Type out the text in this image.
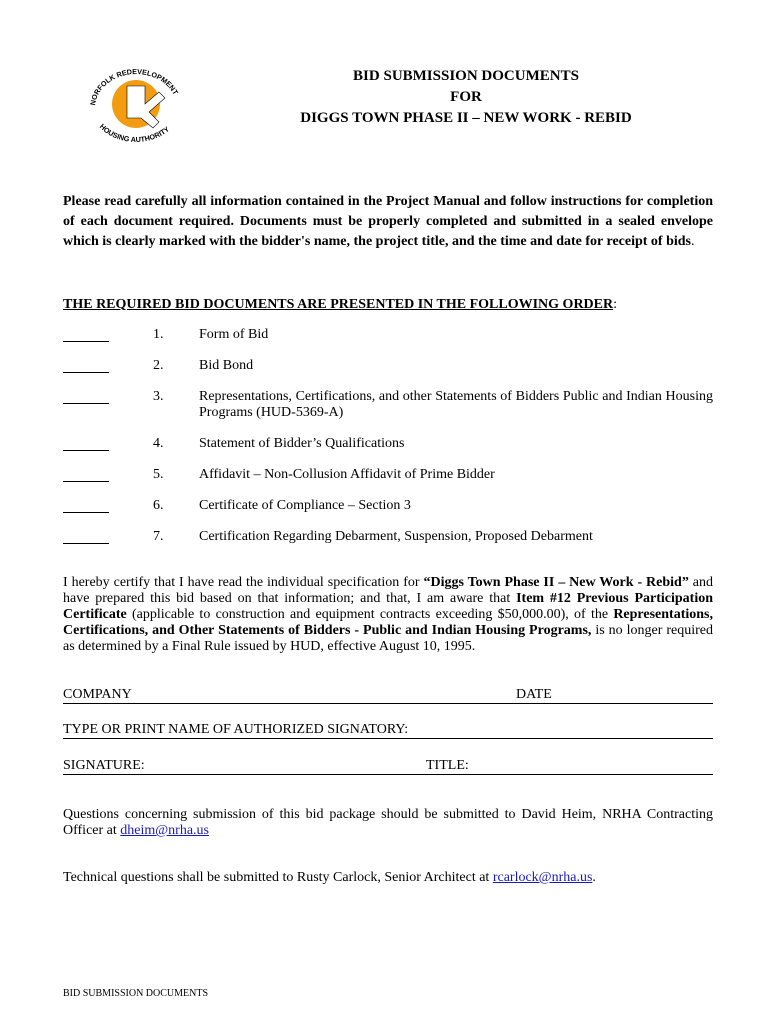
NORFOLK REDEVELOPMENT
HOUSING AUTHORITY
BID SUBMISSION DOCUMENTS
FOR
DIGGS TOWN PHASE II – NEW WORK - REBID
Please read carefully all information contained in the Project Manual and follow instructions for completion of each document required. Documents must be properly completed and submitted in a sealed envelope which is clearly marked with the bidder's name, the project title, and the time and date for receipt of bids.
THE REQUIRED BID DOCUMENTS ARE PRESENTED IN THE FOLLOWING ORDER:
1.	Form of Bid
2.	Bid Bond
3.	Representations, Certifications, and other Statements of Bidders Public and Indian Housing Programs (HUD-5369-A)
4.	Statement of Bidder’s Qualifications
5.	Affidavit – Non-Collusion Affidavit of Prime Bidder
6.	Certificate of Compliance – Section 3
7.	Certification Regarding Debarment, Suspension, Proposed Debarment
I hereby certify that I have read the individual specification for “Diggs Town Phase II – New Work - Rebid” and have prepared this bid based on that information; and that, I am aware that Item #12 Previous Participation Certificate (applicable to construction and equipment contracts exceeding $50,000.00), of the Representations, Certifications, and Other Statements of Bidders - Public and Indian Housing Programs, is no longer required as determined by a Final Rule issued by HUD, effective August 10, 1995.
COMPANY	DATE
TYPE OR PRINT NAME OF AUTHORIZED SIGNATORY:
SIGNATURE:	TITLE:
Questions concerning submission of this bid package should be submitted to David Heim, NRHA Contracting Officer at dheim@nrha.us
Technical questions shall be submitted to Rusty Carlock, Senior Architect at rcarlock@nrha.us.
BID SUBMISSION DOCUMENTS
